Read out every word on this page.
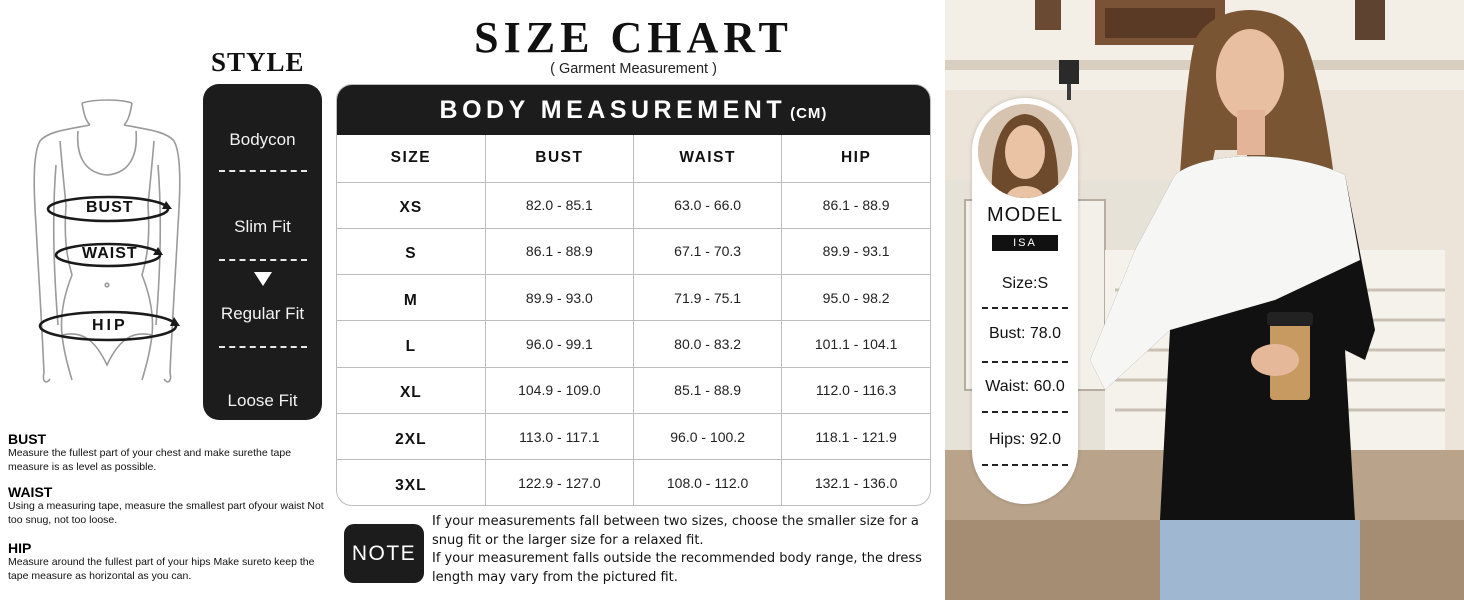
BUST
WAIST
HIP
BUST

Measure the fullest part of your chest and make surethe tape measure is as level as possible.

WAIST

Using a measuring tape, measure the smallest part ofyour waist Not too snug, not too loose.

HIP

Measure around the fullest part of your hips Make sureto keep the tape measure as horizontal as you can.

STYLE
Bodycon
Slim Fit
Regular Fit
Loose Fit
SIZE CHART
( Garment Measurement )
BODY MEASUREMENT (CM)
SIZE	BUST	WAIST	HIP
XS	82.0 - 85.1	63.0 - 66.0	86.1 - 88.9
S	86.1 - 88.9	67.1 - 70.3	89.9 - 93.1
M	89.9 - 93.0	71.9 - 75.1	95.0 - 98.2
L	96.0 - 99.1	80.0 - 83.2	101.1 - 104.1
XL	104.9 - 109.0	85.1 - 88.9	112.0 - 116.3
2XL	113.0 - 117.1	96.0 - 100.2	118.1 - 121.9
3XL	122.9 - 127.0	108.0 - 112.0	132.1 - 136.0
NOTE
If your measurements fall between two sizes, choose the smaller size for a snug fit or the larger size for a relaxed fit.
If your measurement falls outside the recommended body range, the dress length may vary from the pictured fit.
MODEL
ISA
Size:S
Bust: 78.0
Waist: 60.0
Hips: 92.0
